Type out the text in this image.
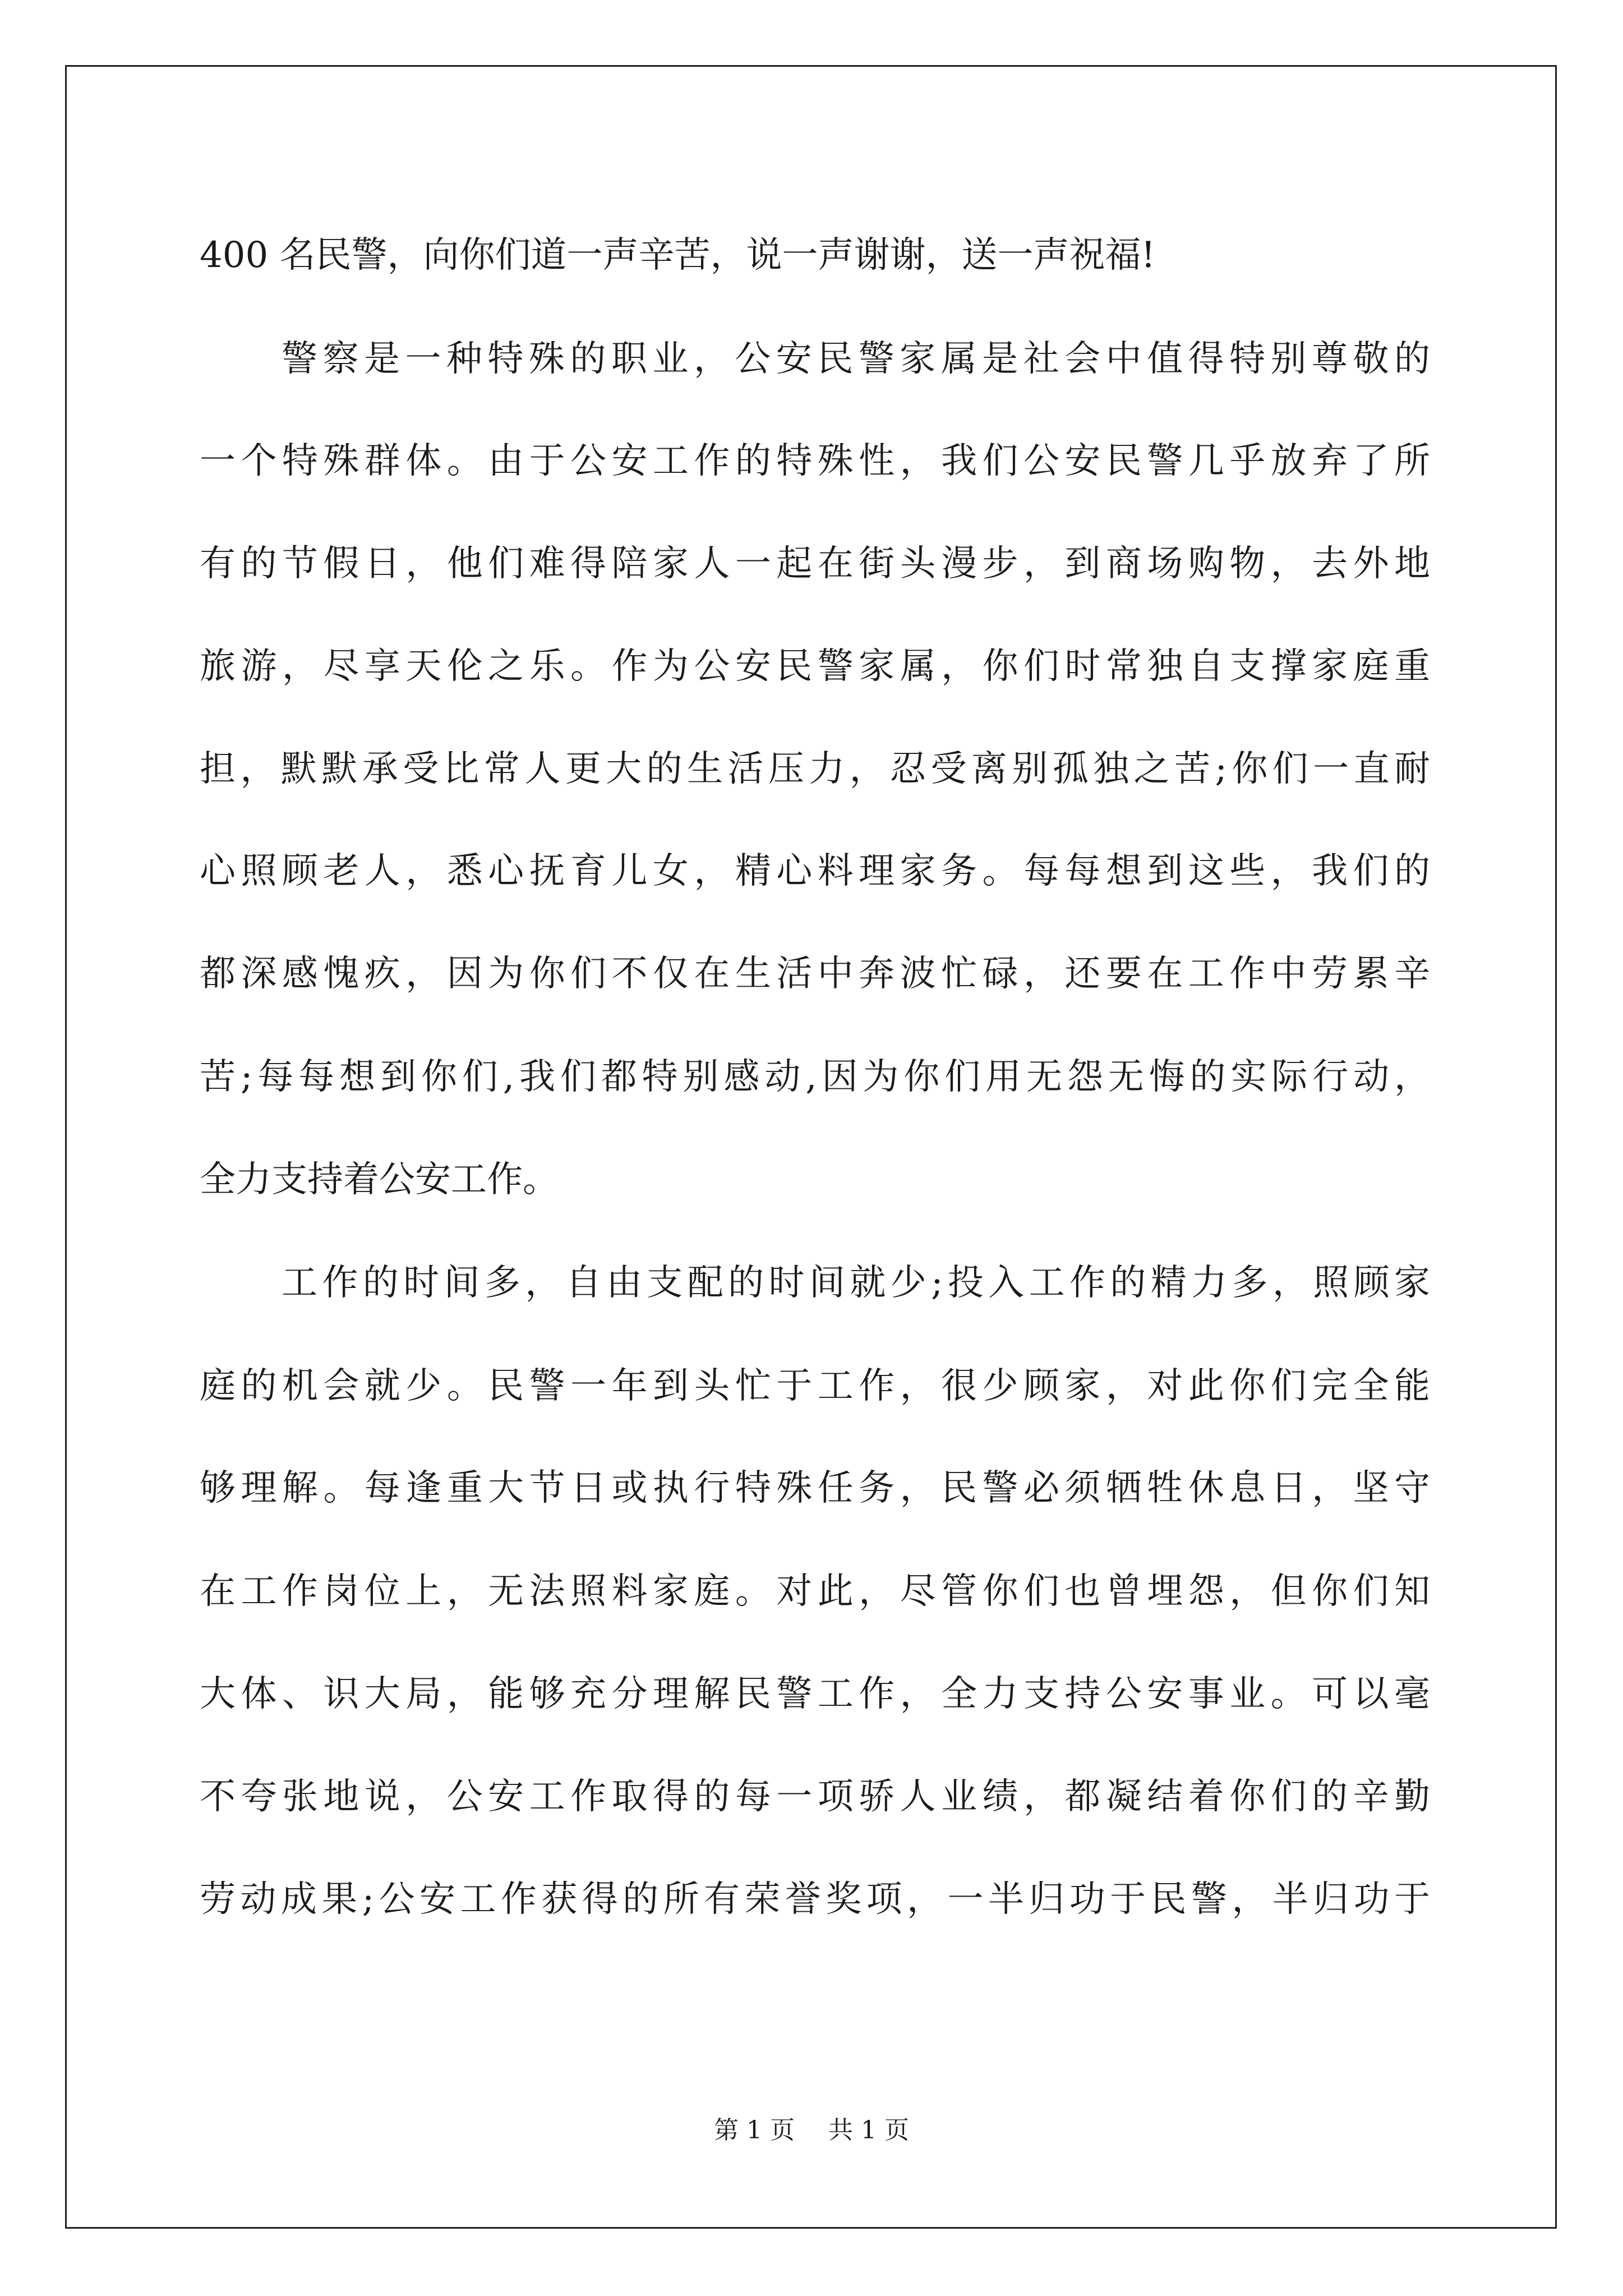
400 名民警，向你们道一声辛苦，说一声谢谢，送一声祝福!
警察是一种特殊的职业，公安民警家属是社会中值得特别尊敬的
一个特殊群体。由于公安工作的特殊性，我们公安民警几乎放弃了所
有的节假日，他们难得陪家人一起在街头漫步，到商场购物，去外地
旅游，尽享天伦之乐。作为公安民警家属，你们时常独自支撑家庭重
担，默默承受比常人更大的生活压力，忍受离别孤独之苦;你们一直耐
心照顾老人，悉心抚育儿女，精心料理家务。每每想到这些，我们的
都深感愧疚，因为你们不仅在生活中奔波忙碌，还要在工作中劳累辛
苦;每每想到你们,我们都特别感动,因为你们用无怨无悔的实际行动，
全力支持着公安工作。
工作的时间多，自由支配的时间就少;投入工作的精力多，照顾家
庭的机会就少。民警一年到头忙于工作，很少顾家，对此你们完全能
够理解。每逢重大节日或执行特殊任务，民警必须牺牲休息日，坚守
在工作岗位上，无法照料家庭。对此，尽管你们也曾埋怨，但你们知
大体、识大局，能够充分理解民警工作，全力支持公安事业。可以毫
不夸张地说，公安工作取得的每一项骄人业绩，都凝结着你们的辛勤
劳动成果;公安工作获得的所有荣誉奖项，一半归功于民警，半归功于
第 1 页 共 1 页
